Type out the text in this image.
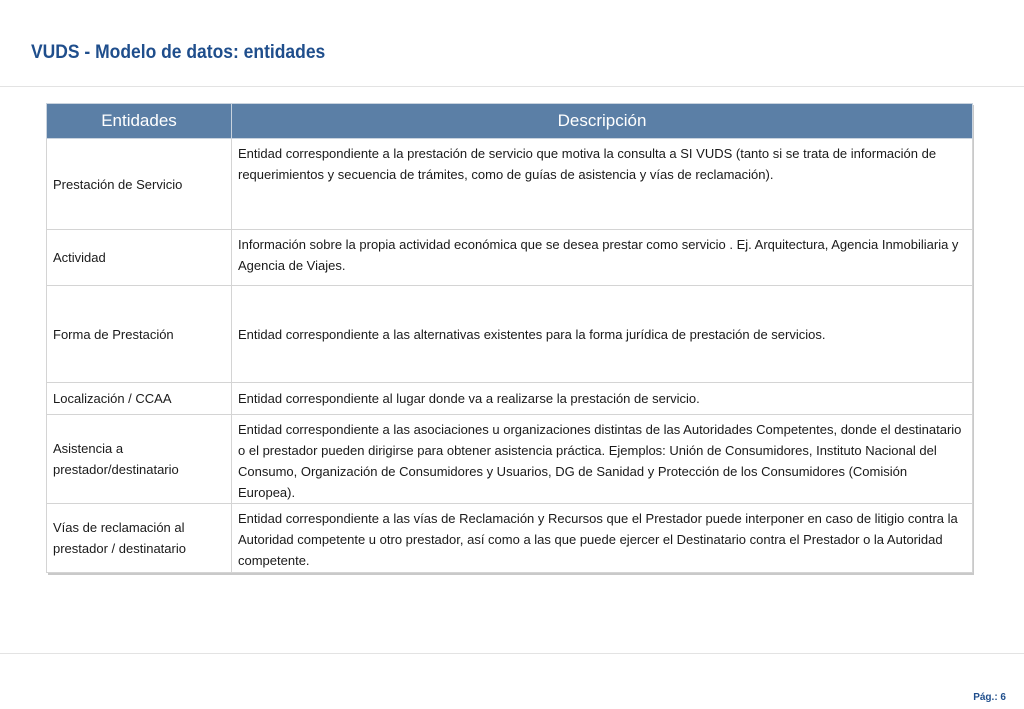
VUDS - Modelo de datos: entidades
Entidades	Descripción
Prestación de Servicio	Entidad correspondiente a la prestación de servicio que motiva la consulta a SI VUDS (tanto si se trata de información de requerimientos y secuencia de trámites, como de guías de asistencia y vías de reclamación).
Actividad	Información sobre la propia actividad económica que se desea prestar como servicio . Ej. Arquitectura, Agencia Inmobiliaria y Agencia de Viajes.
Forma de Prestación	Entidad correspondiente a las alternativas existentes para la forma jurídica de prestación de servicios.
Localización / CCAA	Entidad correspondiente al lugar donde va a realizarse la prestación de servicio.
Asistencia a prestador/destinatario	Entidad correspondiente a las asociaciones u organizaciones distintas de las Autoridades Competentes, donde el destinatario o el prestador pueden dirigirse para obtener asistencia práctica. Ejemplos: Unión de Consumidores, Instituto Nacional del Consumo, Organización de Consumidores y Usuarios, DG de Sanidad y Protección de los Consumidores (Comisión Europea).
Vías de reclamación al prestador / destinatario	Entidad correspondiente a las vías de Reclamación y Recursos que el Prestador puede interponer en caso de litigio contra la Autoridad competente u otro prestador, así como a las que puede ejercer el Destinatario contra el Prestador o la Autoridad competente.
Pág.: 6
